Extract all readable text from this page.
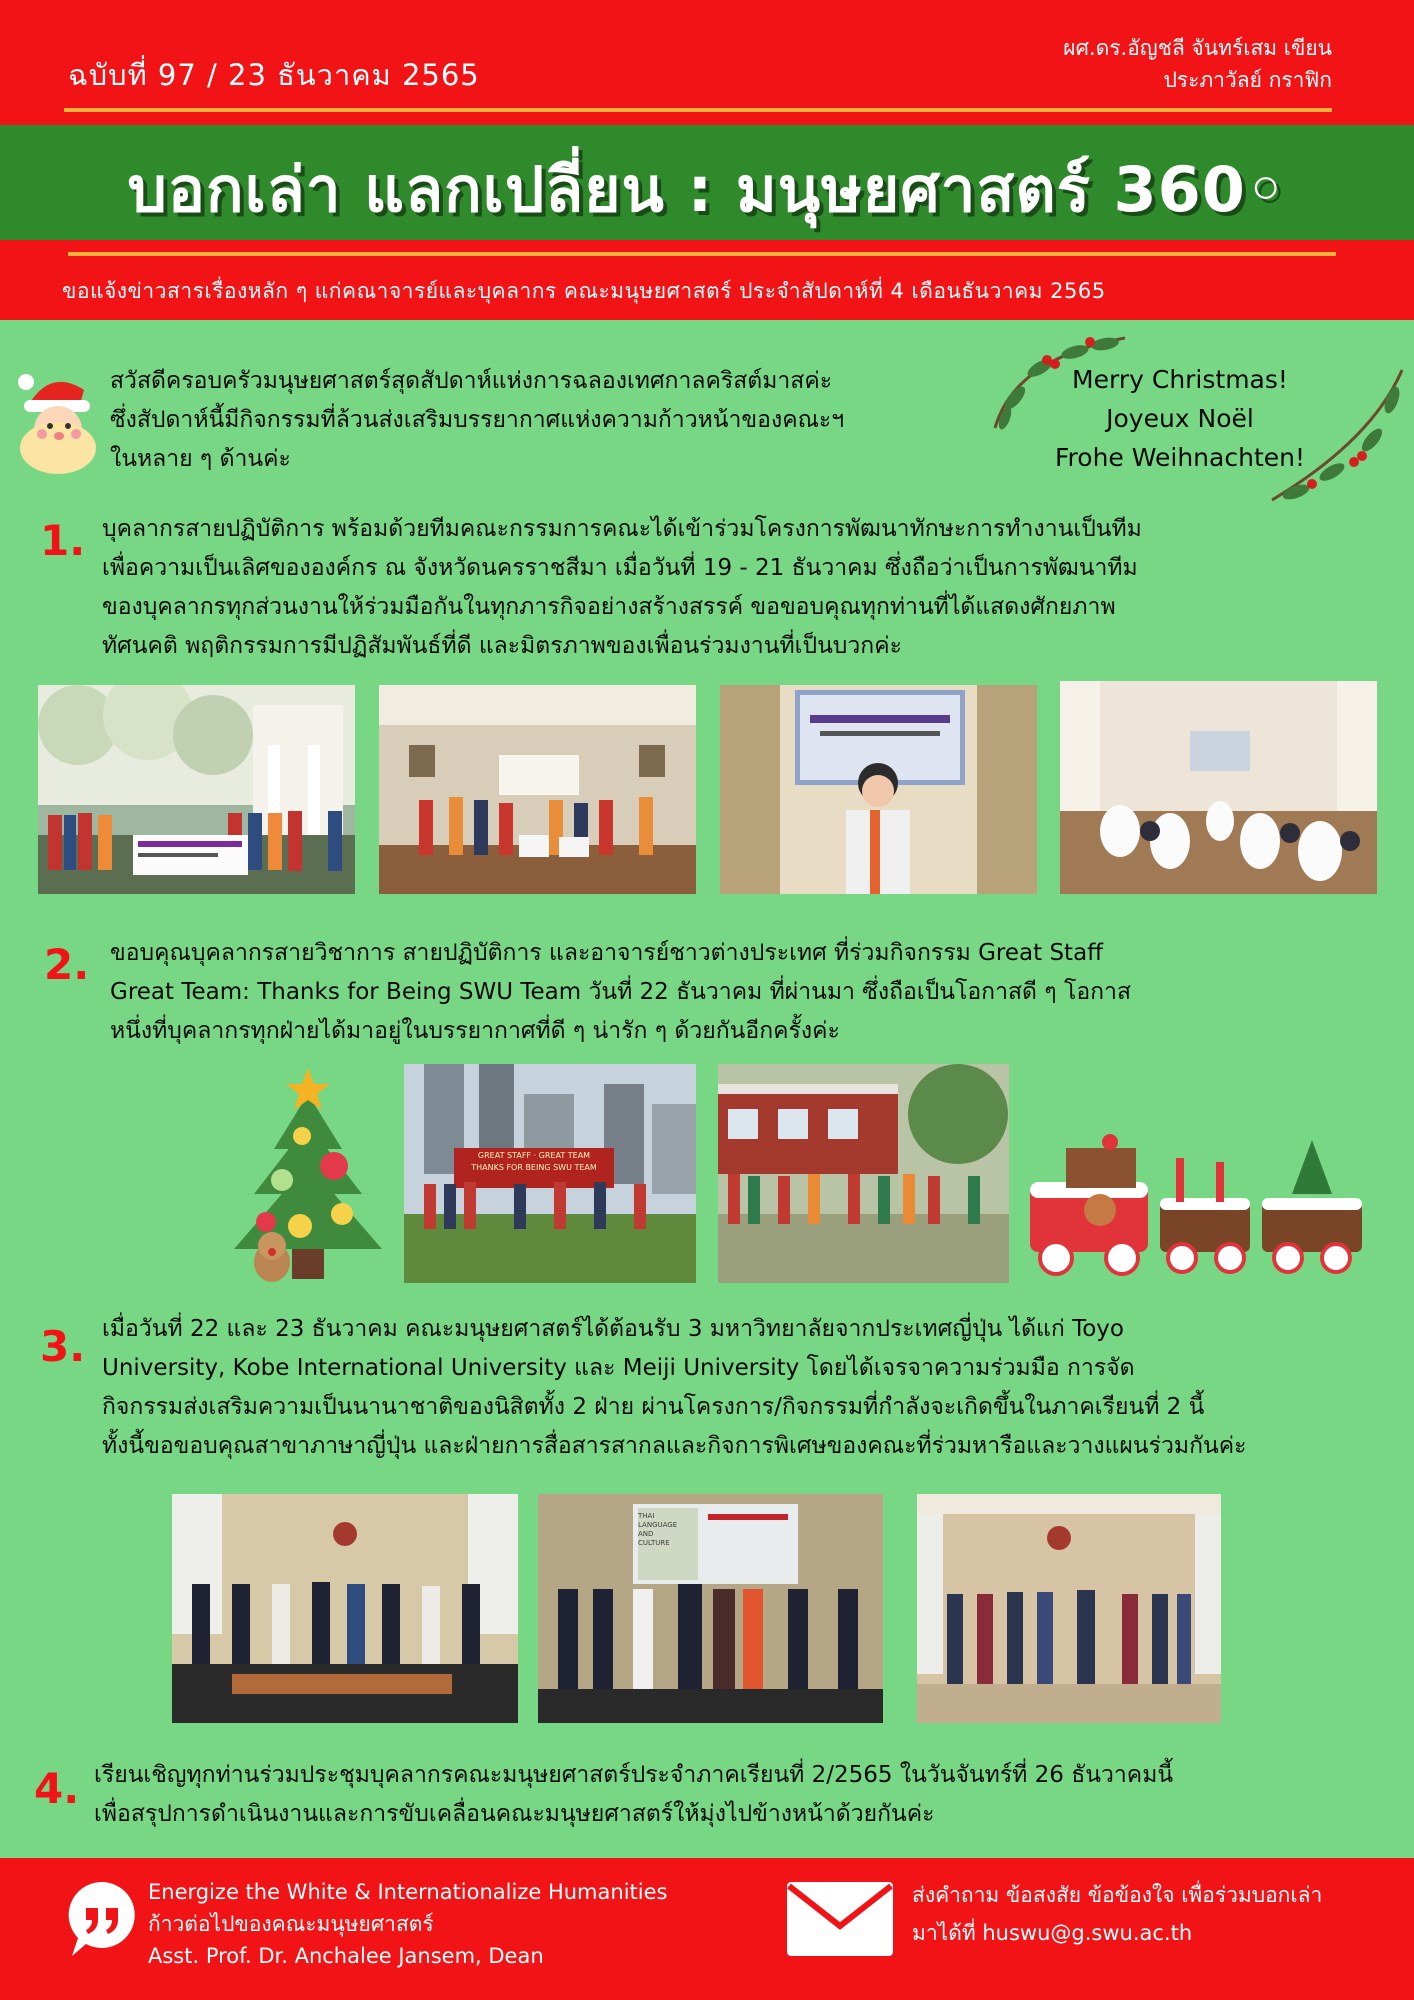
ฉบับที่ 97 / 23 ธันวาคม 2565
ผศ.ดร.อัญชลี จันทร์เสม เขียน
ประภาวัลย์ กราฟิก
บอกเล่า แลกเปลี่ยน : มนุษยศาสตร์ 360◦
ขอแจ้งข่าวสารเรื่องหลัก ๆ แก่คณาจารย์และบุคลากร คณะมนุษยศาสตร์ ประจำสัปดาห์ที่ 4 เดือนธันวาคม 2565
สวัสดีครอบครัวมนุษยศาสตร์สุดสัปดาห์แห่งการฉลองเทศกาลคริสต์มาสค่ะ
ซึ่งสัปดาห์นี้มีกิจกรรมที่ล้วนส่งเสริมบรรยากาศแห่งความก้าวหน้าของคณะฯ
ในหลาย ๆ ด้านค่ะ
Merry Christmas!
Joyeux Noël
Frohe Weihnachten!
1. บุคลากรสายปฏิบัติการ พร้อมด้วยทีมคณะกรรมการคณะได้เข้าร่วมโครงการพัฒนาทักษะการทำงานเป็นทีม
เพื่อความเป็นเลิศขององค์กร ณ จังหวัดนครราชสีมา เมื่อวันที่ 19 - 21 ธันวาคม ซึ่งถือว่าเป็นการพัฒนาทีม
ของบุคลากรทุกส่วนงานให้ร่วมมือกันในทุกภารกิจอย่างสร้างสรรค์ ขอขอบคุณทุกท่านที่ได้แสดงศักยภาพ
ทัศนคติ พฤติกรรมการมีปฏิสัมพันธ์ที่ดี และมิตรภาพของเพื่อนร่วมงานที่เป็นบวกค่ะ
2. ขอบคุณบุคลากรสายวิชาการ สายปฏิบัติการ และอาจารย์ชาวต่างประเทศ ที่ร่วมกิจกรรม Great Staff
Great Team: Thanks for Being SWU Team วันที่ 22 ธันวาคม ที่ผ่านมา ซึ่งถือเป็นโอกาสดี ๆ โอกาส
หนึ่งที่บุคลากรทุกฝ่ายได้มาอยู่ในบรรยากาศที่ดี ๆ น่ารัก ๆ ด้วยกันอีกครั้งค่ะ
GREAT STAFF · GREAT TEAM
THANKS FOR BEING SWU TEAM
3. เมื่อวันที่ 22 และ 23 ธันวาคม คณะมนุษยศาสตร์ได้ต้อนรับ 3 มหาวิทยาลัยจากประเทศญี่ปุ่น ได้แก่ Toyo
University, Kobe International University และ Meiji University โดยได้เจรจาความร่วมมือ การจัด
กิจกรรมส่งเสริมความเป็นนานาชาติของนิสิตทั้ง 2 ฝ่าย ผ่านโครงการ/กิจกรรมที่กำลังจะเกิดขึ้นในภาคเรียนที่ 2 นี้
ทั้งนี้ขอขอบคุณสาขาภาษาญี่ปุ่น และฝ่ายการสื่อสารสากลและกิจการพิเศษของคณะที่ร่วมหารือและวางแผนร่วมกันค่ะ
THAI
LANGUAGE
AND
CULTURE
4. เรียนเชิญทุกท่านร่วมประชุมบุคลากรคณะมนุษยศาสตร์ประจำภาคเรียนที่ 2/2565 ในวันจันทร์ที่ 26 ธันวาคมนี้
เพื่อสรุปการดำเนินงานและการขับเคลื่อนคณะมนุษยศาสตร์ให้มุ่งไปข้างหน้าด้วยกันค่ะ
Energize the White & Internationalize Humanities
ก้าวต่อไปของคณะมนุษยศาสตร์
Asst. Prof. Dr. Anchalee Jansem, Dean
ส่งคำถาม ข้อสงสัย ข้อข้องใจ เพื่อร่วมบอกเล่า
มาได้ที่ huswu@g.swu.ac.th
